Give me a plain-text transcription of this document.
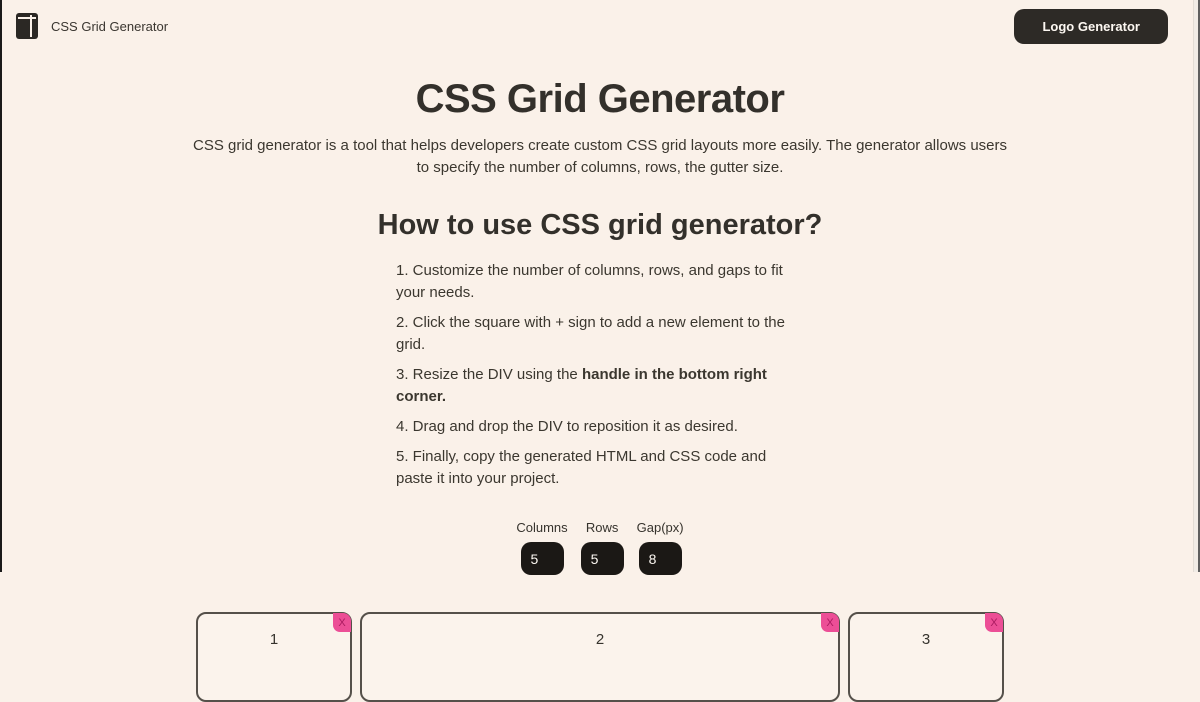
CSS Grid Generator	Logo Generator
CSS Grid Generator

CSS grid generator is a tool that helps developers create custom CSS grid layouts more easily. The generator allows users to specify the number of columns, rows, the gutter size.

How to use CSS grid generator?
1. Customize the number of columns, rows, and gaps to fit your needs.
2. Click the square with + sign to add a new element to the grid.
3. Resize the DIV using the handle in the bottom right corner.
4. Drag and drop the DIV to reposition it as desired.
5. Finally, copy the generated HTML and CSS code and paste it into your project.
Columns
5 Rows
5 Gap(px)
8
X
1
X
2
X
3
